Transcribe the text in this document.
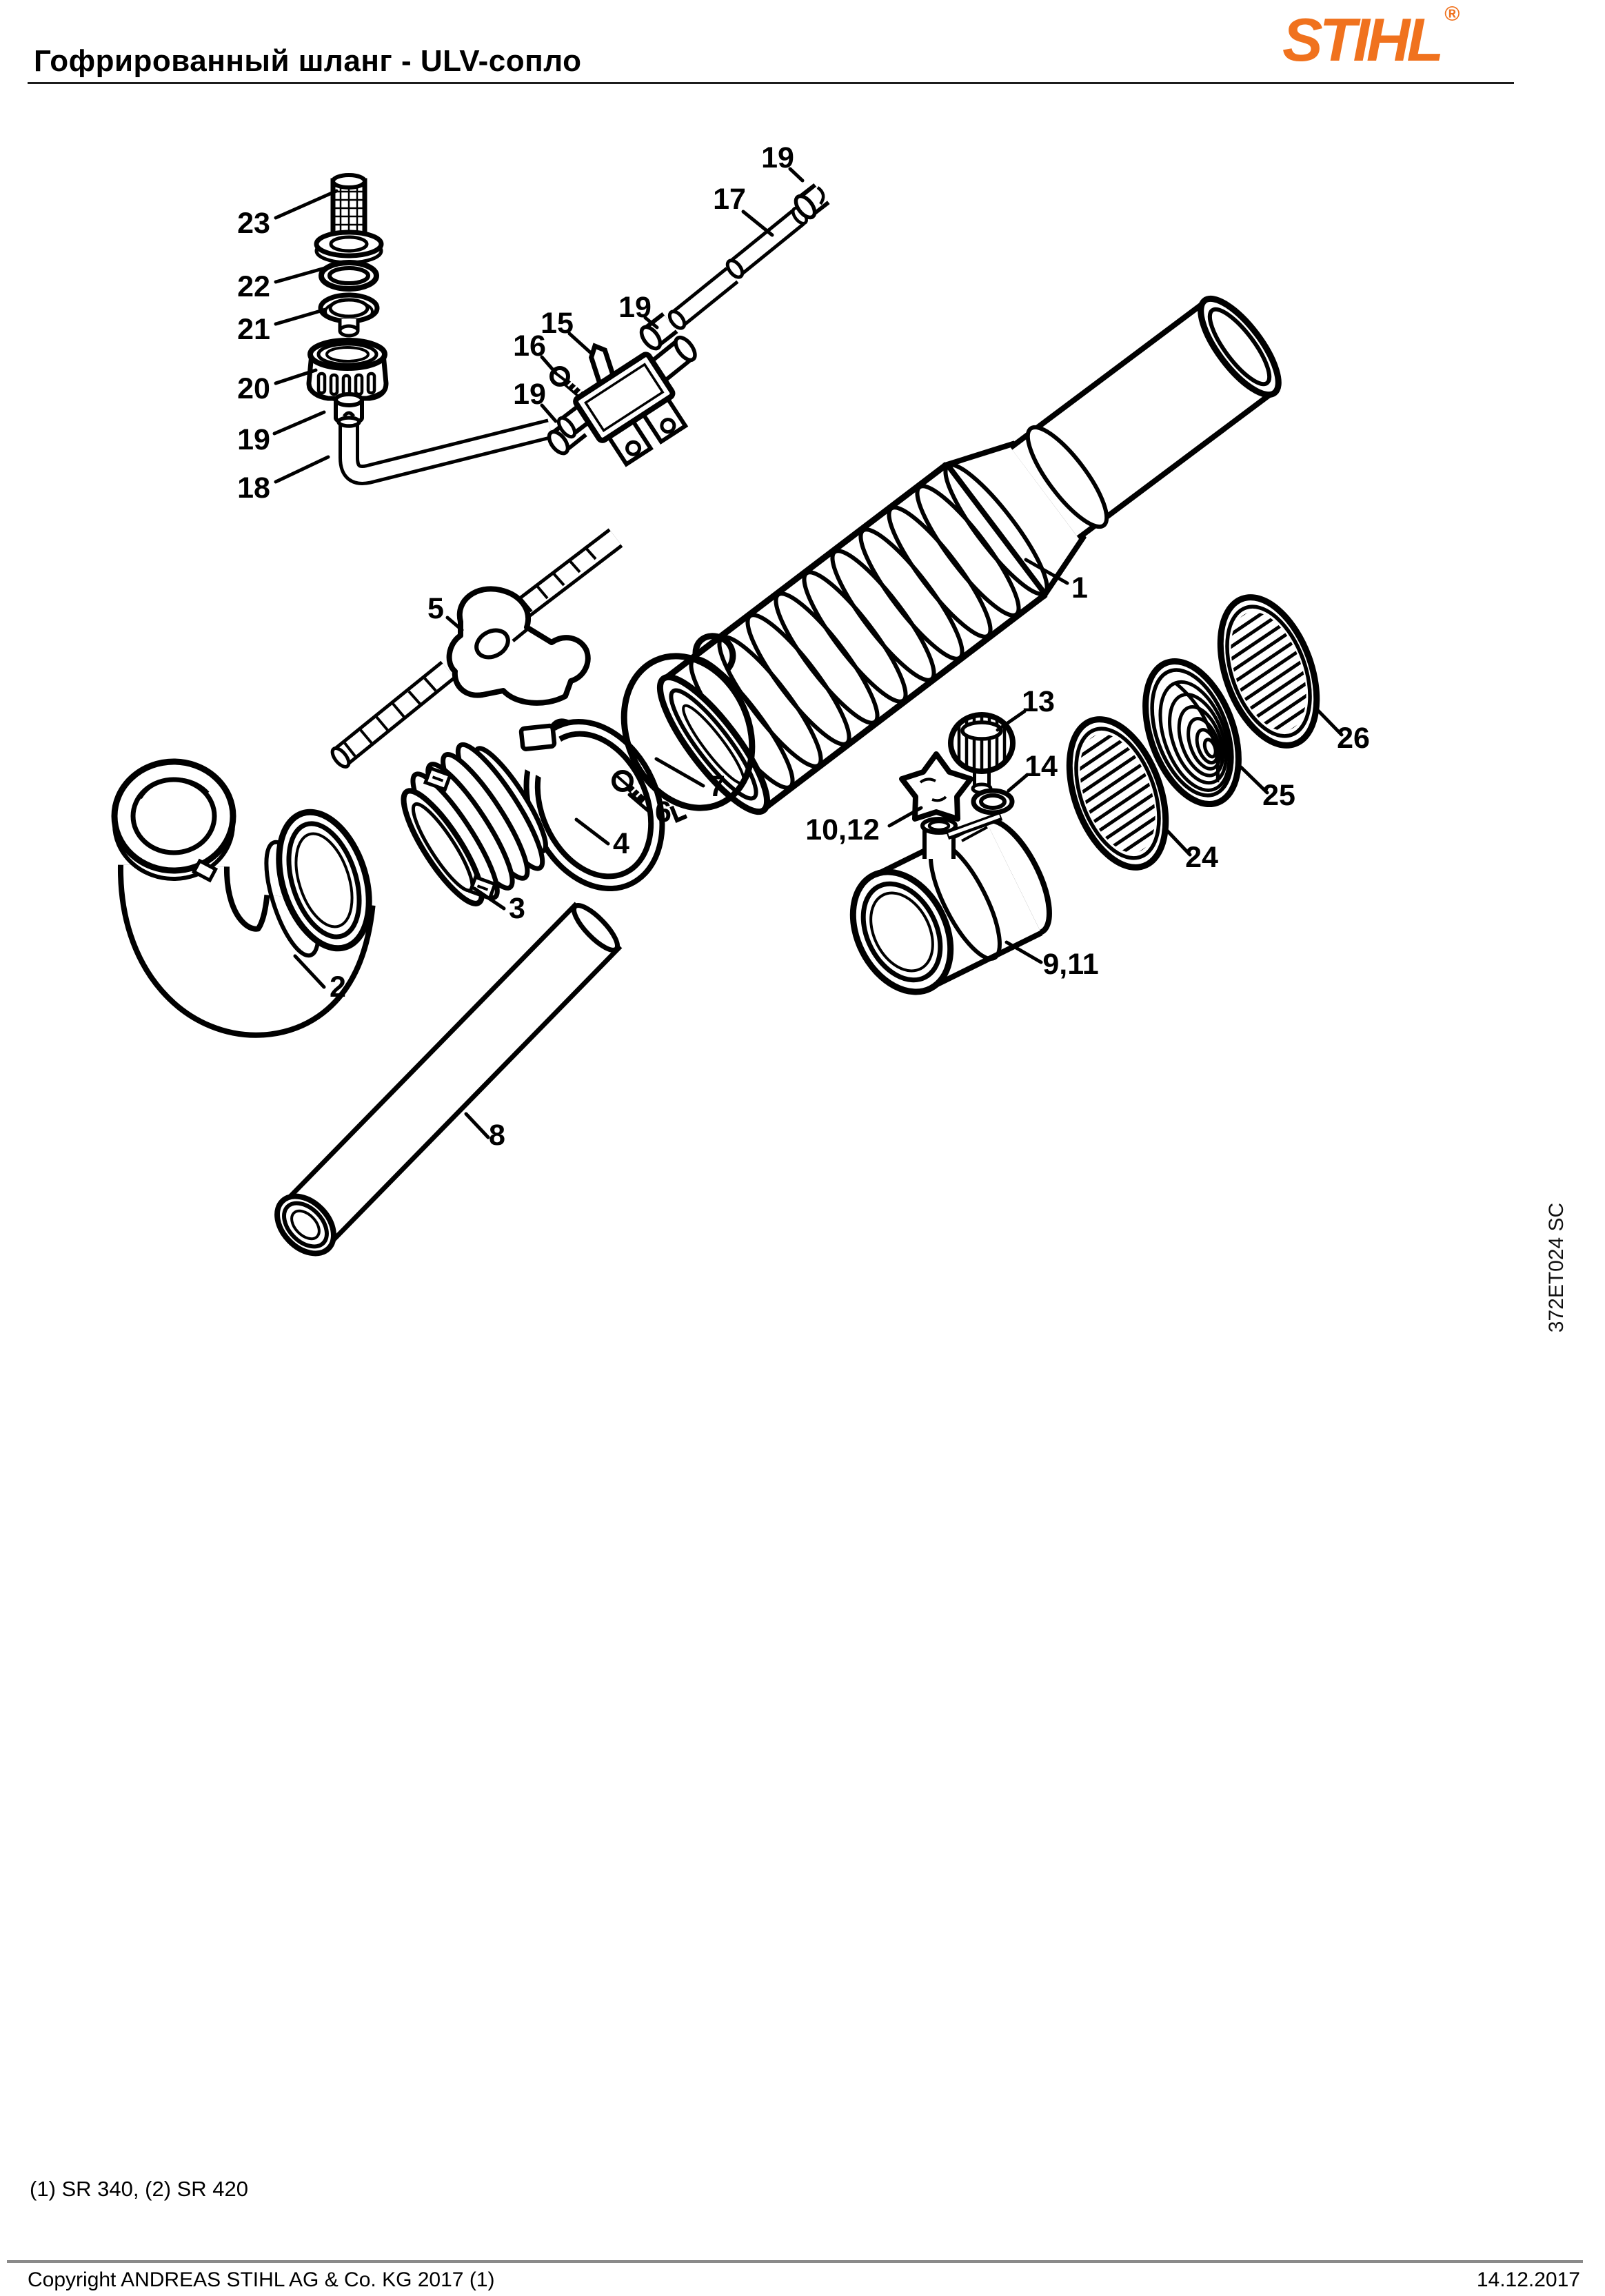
Гофрированный шланг - ULV-сопло	STIHL ®
23
22
21
20
19
18
19
17
19
15
16
19
5
1
7
6
4
3
2
13
14
10,12
9,11
8
24
25
26
372ET024 SC
(1) SR 340, (2) SR 420
Copyright ANDREAS STIHL AG & Co. KG 2017 (1)	14.12.2017
